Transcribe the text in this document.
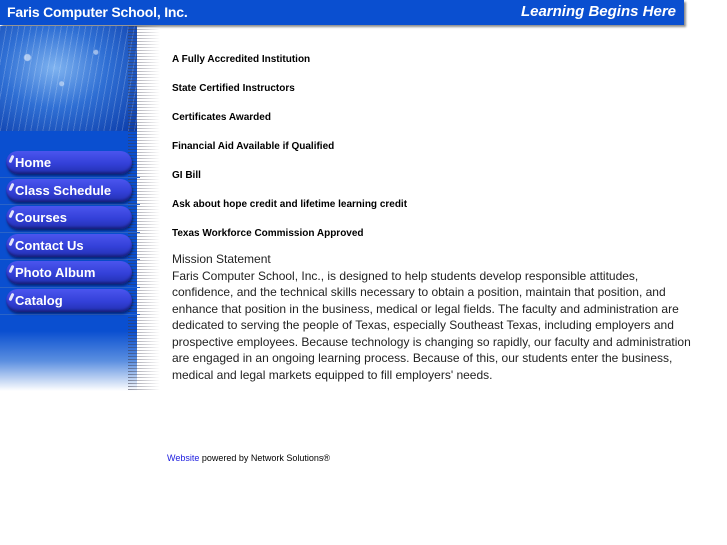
Faris Computer School, Inc.	Learning Begins Here
Home
Class Schedule
Courses
Contact Us
Photo Album
Catalog
A Fully Accredited Institution
State Certified Instructors
Certificates Awarded
Financial Aid Available if Qualified
GI Bill
Ask about hope credit and lifetime learning credit
Texas Workforce Commission Approved
Mission Statement
Faris Computer School, Inc., is designed to help students develop responsible attitudes, confidence, and the technical skills necessary to obtain a position, maintain that position, and enhance that position in the business, medical or legal fields. The faculty and administration are dedicated to serving the people of Texas, especially Southeast Texas, including employers and prospective employees. Because technology is changing so rapidly, our faculty and administration are engaged in an ongoing learning process. Because of this, our students enter the business, medical and legal markets equipped to fill employers' needs.
Website powered by Network Solutions®
